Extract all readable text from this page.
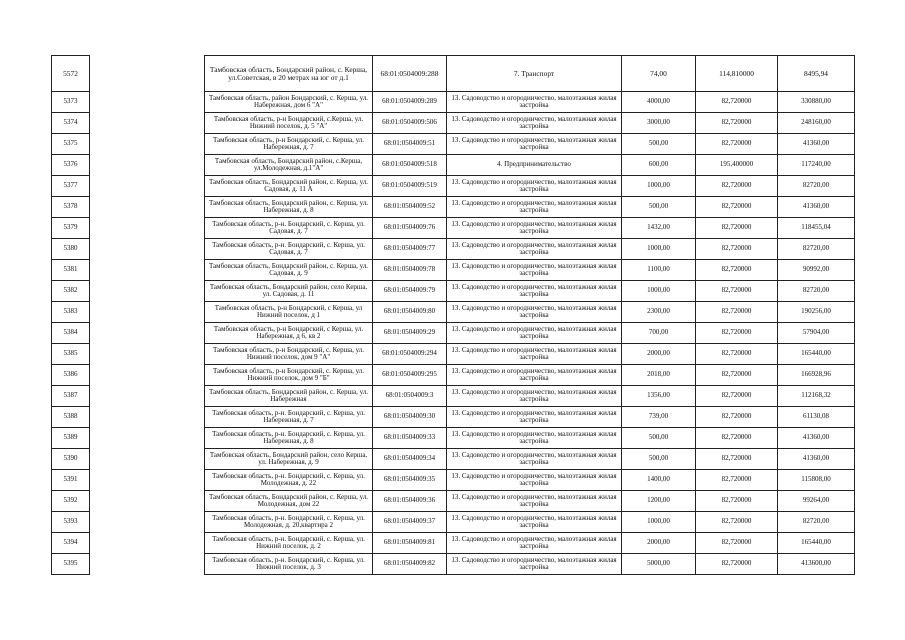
5572		Тамбовская область, Бондарский район, с. Керша, ул.Советская, в 20 метрах на юг от д.1	68:01:0504009:288	7. Транспорт	74,00	114,810000	8495,94
5373		Тамбовская область, район Бондарский, с. Керша, ул. Набережная, дом 6 "А"	68:01:0504009:289	13. Садоводство и огородничество, малоэтажная жилая застройка	4000,00	82,720000	330880,00
5374		Тамбовская область, р-н Бондарский, с.Керша, ул. Нижний поселок, д. 5 "А"	68:01:0504009:506	13. Садоводство и огородничество, малоэтажная жилая застройка	3000,00	82,720000	248160,00
5375		Тамбовская область, р-н Бондарский, с. Керша, ул. Набережная, д. 7	68:01:0504009:51	13. Садоводство и огородничество, малоэтажная жилая застройка	500,00	82,720000	41360,00
5376		Тамбовская область, Бондарский район, с.Керша, ул.Молодежная, д.1"А"	68:01:0504009:518	4. Предпринимательство	600,00	195,400000	117240,00
5377		Тамбовская область, Бондарский район, с. Керша, ул. Садовая, д. 11 А	68:01:0504009:519	13. Садоводство и огородничество, малоэтажная жилая застройка	1000,00	82,720000	82720,00
5378		Тамбовская область, Бондарский район, с. Керша, ул. Набережная, д. 8	68:01:0504009:52	13. Садоводство и огородничество, малоэтажная жилая застройка	500,00	82,720000	41360,00
5379		Тамбовская область, р-н. Бондарский, с. Керша, ул. Садовая, д. 7	68:01:0504009:76	13. Садоводство и огородничество, малоэтажная жилая застройка	1432,00	82,720000	118455,04
5380		Тамбовская область, р-н. Бондарский, с. Керша, ул. Садовая, д. 7	68:01:0504009:77	13. Садоводство и огородничество, малоэтажная жилая застройка	1000,00	82,720000	82720,00
5381		Тамбовская область, Бондарский район, с. Керша, ул. Садовая, д. 9	68:01:0504009:78	13. Садоводство и огородничество, малоэтажная жилая застройка	1100,00	82,720000	90992,00
5382		Тамбовская область, Бондарский район, село Керша, ул. Садовая, д. 11	68:01:0504009:79	13. Садоводство и огородничество, малоэтажная жилая застройка	1000,00	82,720000	82720,00
5383		Тамбовская область, р-н Бондарский, с Керша, ул Нижний поселок, д 1	68:01:0504009:80	13. Садоводство и огородничество, малоэтажная жилая застройка	2300,00	82,720000	190256,00
5384		Тамбовская область, р-н Бондарский, с Керша, ул. Набережная, д 6, кв 2	68:01:0504009:29	13. Садоводство и огородничество, малоэтажная жилая застройка	700,00	82,720000	57904,00
5385		Тамбовская область, р-н Бондарский, с. Керша, ул. Нижний поселок, дом 9 "А"	68:01:0504009:294	13. Садоводство и огородничество, малоэтажная жилая застройка	2000,00	82,720000	165440,00
5386		Тамбовская область, р-н Бондарский, с. Керша, ул. Нижний поселок, дом 9 "Б"	68:01:0504009:295	13. Садоводство и огородничество, малоэтажная жилая застройка	2018,00	82,720000	166928,96
5387		Тамбовская область, Бондарский район, с. Керша, ул. Набережная	68:01:0504009:3	13. Садоводство и огородничество, малоэтажная жилая застройка	1356,00	82,720000	112168,32
5388		Тамбовская область, р-н. Бондарский, с. Керша, ул. Набережная, д. 7	68:01:0504009:30	13. Садоводство и огородничество, малоэтажная жилая застройка	739,00	82,720000	61130,08
5389		Тамбовская область, р-н. Бондарский, с. Керша, ул. Набережная, д. 8	68:01:0504009:33	13. Садоводство и огородничество, малоэтажная жилая застройка	500,00	82,720000	41360,00
5390		Тамбовская область, Бондарский район, село Керша, ул. Набережная, д. 9	68:01:0504009:34	13. Садоводство и огородничество, малоэтажная жилая застройка	500,00	82,720000	41360,00
5391		Тамбовская область, р-н. Бондарский, с. Керша, ул. Молодежная, д. 22	68:01:0504009:35	13. Садоводство и огородничество, малоэтажная жилая застройка	1400,00	82,720000	115808,00
5392		Тамбовская область, Бондарский район, с. Керша, ул. Молодежная, дом 22	68:01:0504009:36	13. Садоводство и огородничество, малоэтажная жилая застройка	1200,00	82,720000	99264,00
5393		Тамбовская область, р-н. Бондарский, с. Керша, ул. Молодежная, д. 20,квартира 2	68:01:0504009:37	13. Садоводство и огородничество, малоэтажная жилая застройка	1000,00	82,720000	82720,00
5394		Тамбовская область, р-н. Бондарский, с. Керша, ул. Нижний поселок, д. 2	68:01:0504009:81	13. Садоводство и огородничество, малоэтажная жилая застройка	2000,00	82,720000	165440,00
5395		Тамбовская область, р-н. Бондарский, с. Керша, ул. Нижний поселок, д. 3	68:01:0504009:82	13. Садоводство и огородничество, малоэтажная жилая застройка	5000,00	82,720000	413600,00
